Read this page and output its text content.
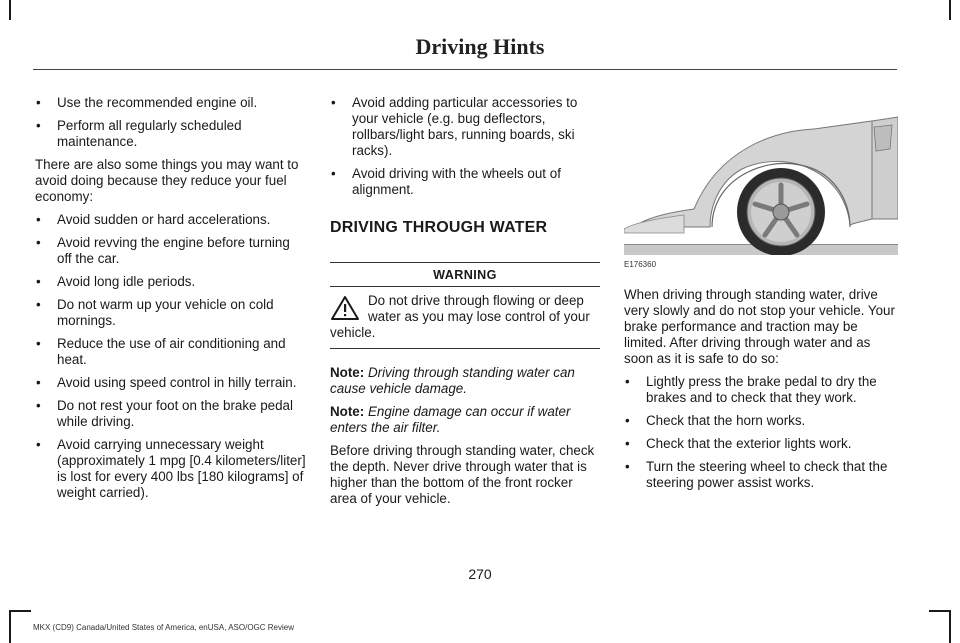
Driving Hints
• Use the recommended engine oil.
• Perform all regularly scheduled maintenance.

There are also some things you may want to avoid doing because they reduce your fuel economy:

• Avoid sudden or hard accelerations.
• Avoid revving the engine before turning off the car.
• Avoid long idle periods.
• Do not warm up your vehicle on cold mornings.
• Reduce the use of air conditioning and heat.
• Avoid using speed control in hilly terrain.
• Do not rest your foot on the brake pedal while driving.
• Avoid carrying unnecessary weight (approximately 1 mpg [0.4 kilometers/liter] is lost for every 400 lbs [180 kilograms] of weight carried).
• Avoid adding particular accessories to your vehicle (e.g. bug deflectors, rollbars/light bars, running boards, ski racks).
• Avoid driving with the wheels out of alignment.
DRIVING THROUGH WATER
WARNING
Do not drive through flowing or deep water as you may lose control of your vehicle.
Note: Driving through standing water can cause vehicle damage.
Note: Engine damage can occur if water enters the air filter.

Before driving through standing water, check the depth. Never drive through water that is higher than the bottom of the front rocker area of your vehicle.

E176360

When driving through standing water, drive very slowly and do not stop your vehicle. Your brake performance and traction may be limited. After driving through water and as soon as it is safe to do so:

• Lightly press the brake pedal to dry the brakes and to check that they work.
• Check that the horn works.
• Check that the exterior lights work.
• Turn the steering wheel to check that the steering power assist works.
270
MKX (CD9) Canada/United States of America, enUSA, ASO/OGC Review
